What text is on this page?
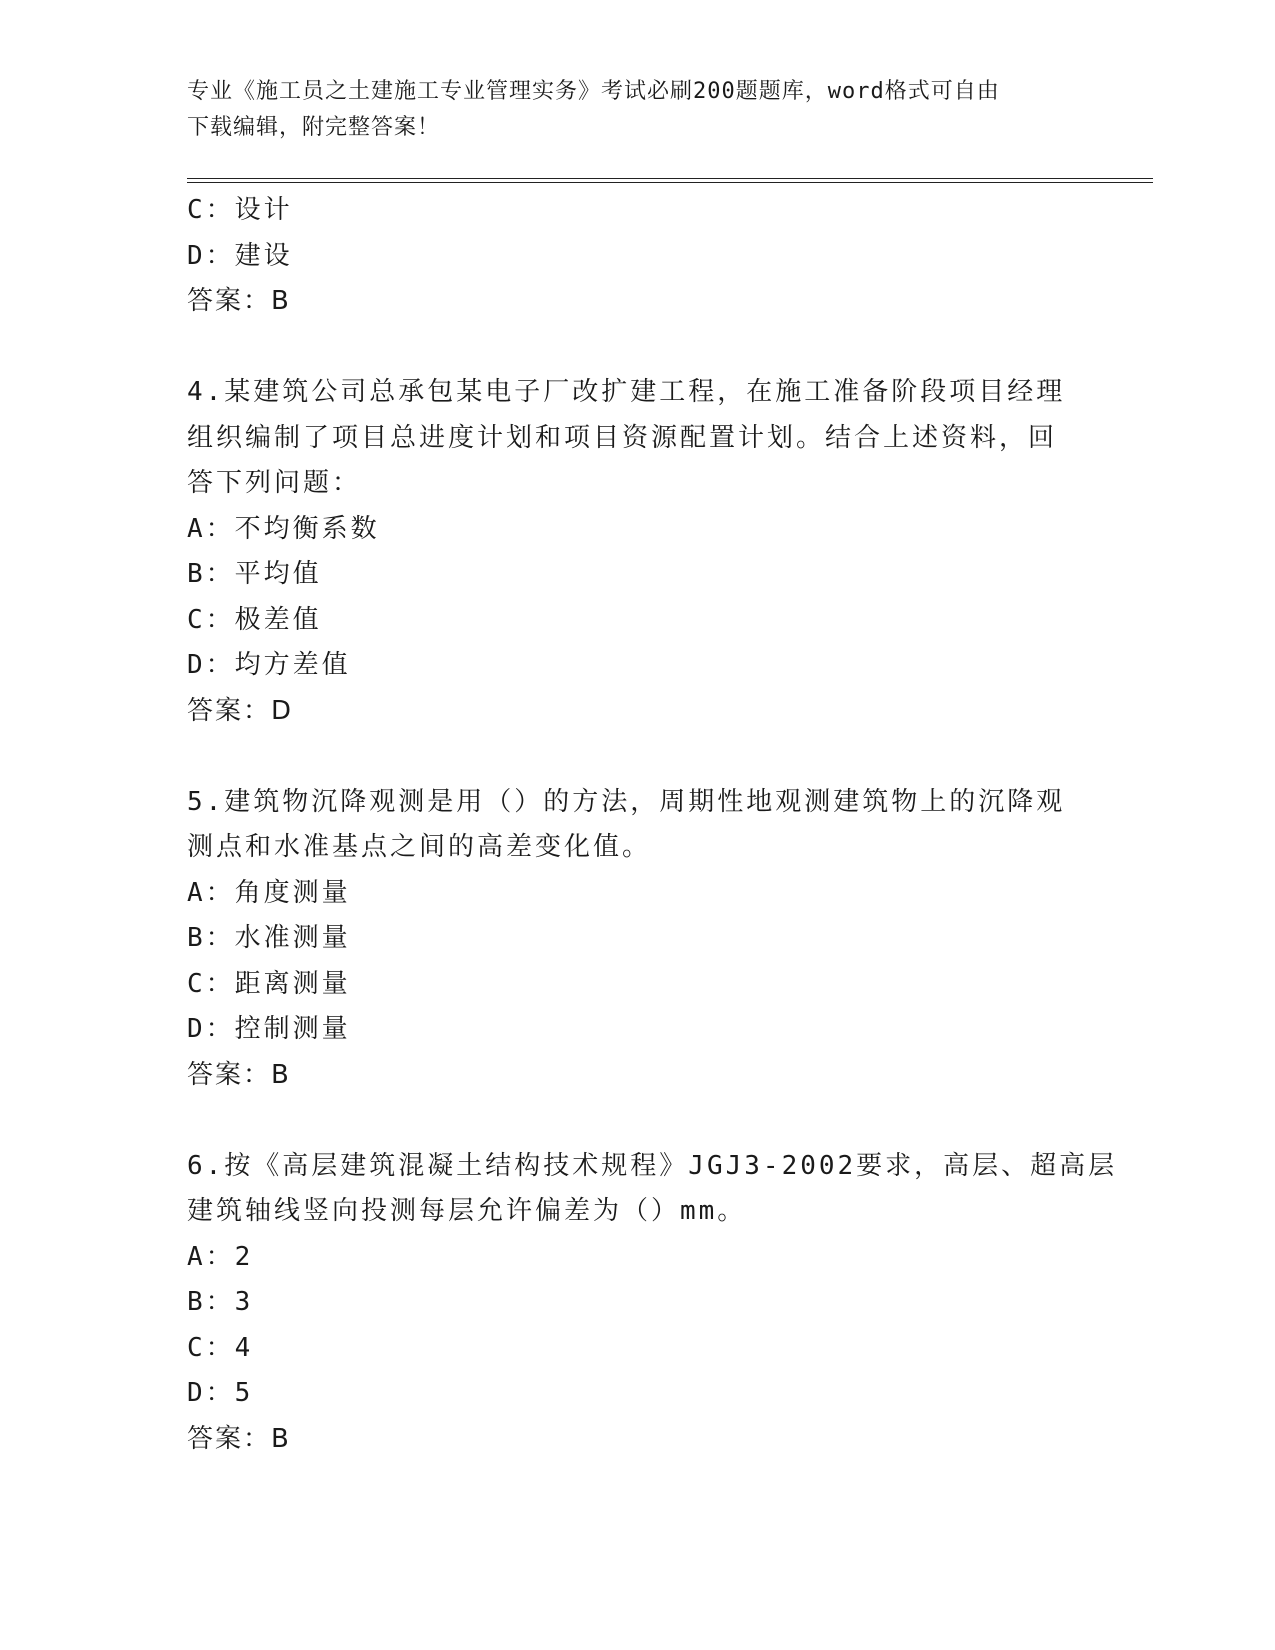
专业《施工员之土建施工专业管理实务》考试必刷200题题库，word格式可自由
下载编辑，附完整答案！
C：设计
D：建设
答案：B
4.某建筑公司总承包某电子厂改扩建工程，在施工准备阶段项目经理
组织编制了项目总进度计划和项目资源配置计划。结合上述资料，回
答下列问题：
A：不均衡系数
B：平均值
C：极差值
D：均方差值
答案：D
5.建筑物沉降观测是用（）的方法，周期性地观测建筑物上的沉降观
测点和水准基点之间的高差变化值。
A：角度测量
B：水准测量
C：距离测量
D：控制测量
答案：B
6.按《高层建筑混凝土结构技术规程》JGJ3-2002要求，高层、超高层
建筑轴线竖向投测每层允许偏差为（）mm。
A：2
B：3
C：4
D：5
答案：B
